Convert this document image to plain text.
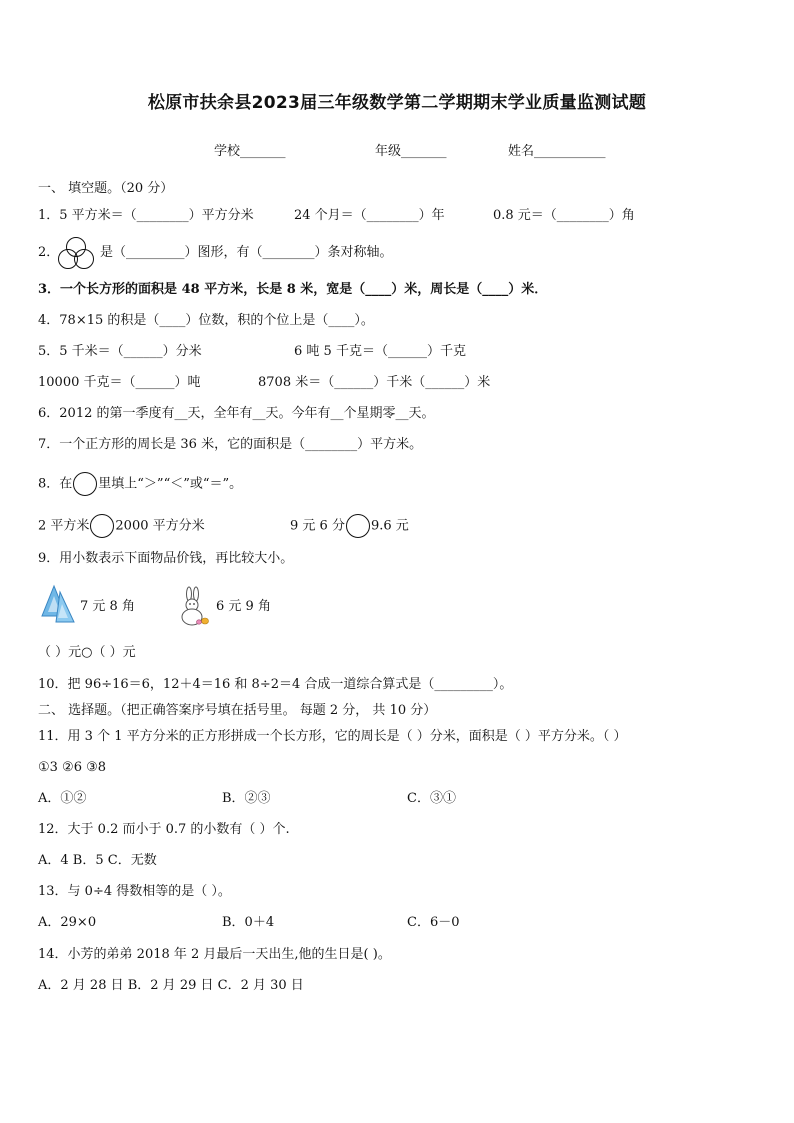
松原市扶余县2023届三年级数学第二学期期末学业质量监测试题
学校_______	年级_______	姓名___________
一、 填空题。（20 分）
1．5 平方米＝（________）平方分米	24 个月＝（________）年	0.8 元＝（________）角
2．	是（_________）图形，有（________）条对称轴。
3．一个长方形的面积是 48 平方米，长是 8 米，宽是（____）米，周长是（____）米．
4．78×15 的积是（____）位数，积的个位上是（____）。
5．5 千米＝（______）分米	6 吨 5 千克＝（______）千克
10000 千克＝（______）吨	8708 米＝（______）千米（______）米
6．2012 的第一季度有__天，全年有__天。今年有__个星期零__天。
7．一个正方形的周长是 36 米，它的面积是（________）平方米。
8．在 里填上“＞”“＜”或“＝”。
2 平方米 2000 平方分米	9 元 6 分 9.6 元
9．用小数表示下面物品价钱，再比较大小。
7 元 8 角	6 元 9 角
（ ）元○（ ）元
10．把 96÷16＝6，12＋4＝16 和 8÷2＝4 合成一道综合算式是（_________）。
二、 选择题。（把正确答案序号填在括号里。 每题 2 分， 共 10 分）
11．用 3 个 1 平方分米的正方形拼成一个长方形，它的周长是（ ）分米，面积是（ ）平方分米。（ ）
①3 ②6 ③8
A．①②	B．②③	C．③①
12．大于 0.2 而小于 0.7 的小数有（ ）个.
A．4 B．5 C．无数
13．与 0÷4 得数相等的是（ ）。
A．29×0	B．0＋4	C．6－0
14．小芳的弟弟 2018 年 2 月最后一天出生,他的生日是( )。
A．2 月 28 日 B．2 月 29 日 C．2 月 30 日
